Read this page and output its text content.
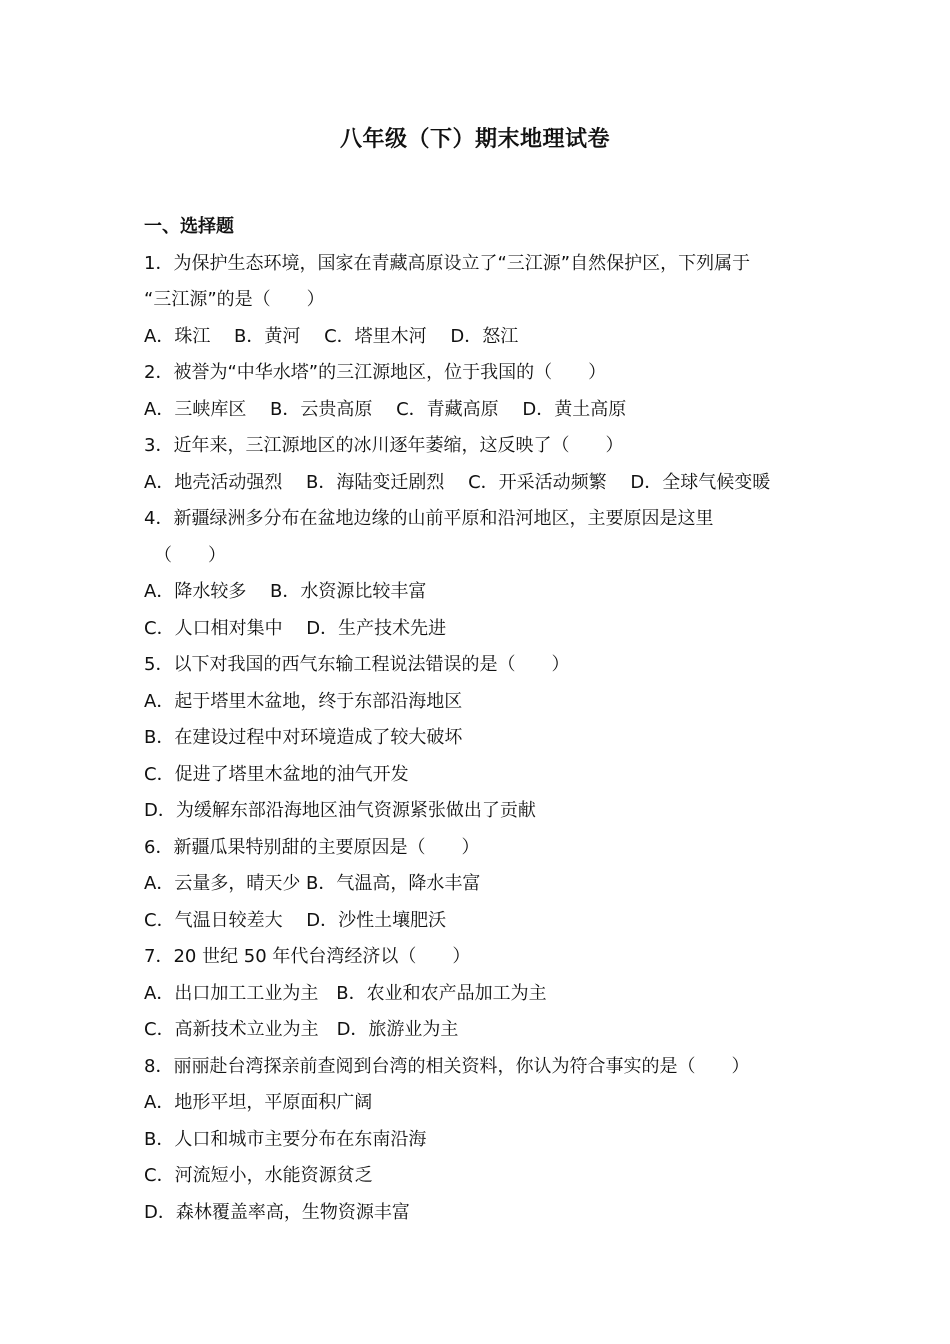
八年级（下）期末地理试卷
一、选择题
1．为保护生态环境，国家在青藏高原设立了“三江源”自然保护区，下列属于
“三江源”的是（　　）
A．珠江　 B．黄河　 C．塔里木河　 D．怒江
2．被誉为“中华水塔”的三江源地区，位于我国的（　　）
A．三峡库区　 B．云贵高原　 C．青藏高原　 D．黄土高原
3．近年来，三江源地区的冰川逐年萎缩，这反映了（　　）
A．地壳活动强烈　 B．海陆变迁剧烈　 C．开采活动频繁　 D．全球气候变暖
4．新疆绿洲多分布在盆地边缘的山前平原和沿河地区，主要原因是这里
（　　）
A．降水较多　 B．水资源比较丰富
C．人口相对集中　 D．生产技术先进
5．以下对我国的西气东输工程说法错误的是（　　）
A．起于塔里木盆地，终于东部沿海地区
B．在建设过程中对环境造成了较大破坏
C．促进了塔里木盆地的油气开发
D．为缓解东部沿海地区油气资源紧张做出了贡献
6．新疆瓜果特别甜的主要原因是（　　）
A．云量多，晴天少 B．气温高，降水丰富
C．气温日较差大　 D．沙性土壤肥沃
7．20 世纪 50 年代台湾经济以（　　）
A．出口加工工业为主　B．农业和农产品加工为主
C．高新技术立业为主　D．旅游业为主
8．丽丽赴台湾探亲前查阅到台湾的相关资料，你认为符合事实的是（　　）
A．地形平坦，平原面积广阔
B．人口和城市主要分布在东南沿海
C．河流短小，水能资源贫乏
D．森林覆盖率高，生物资源丰富
